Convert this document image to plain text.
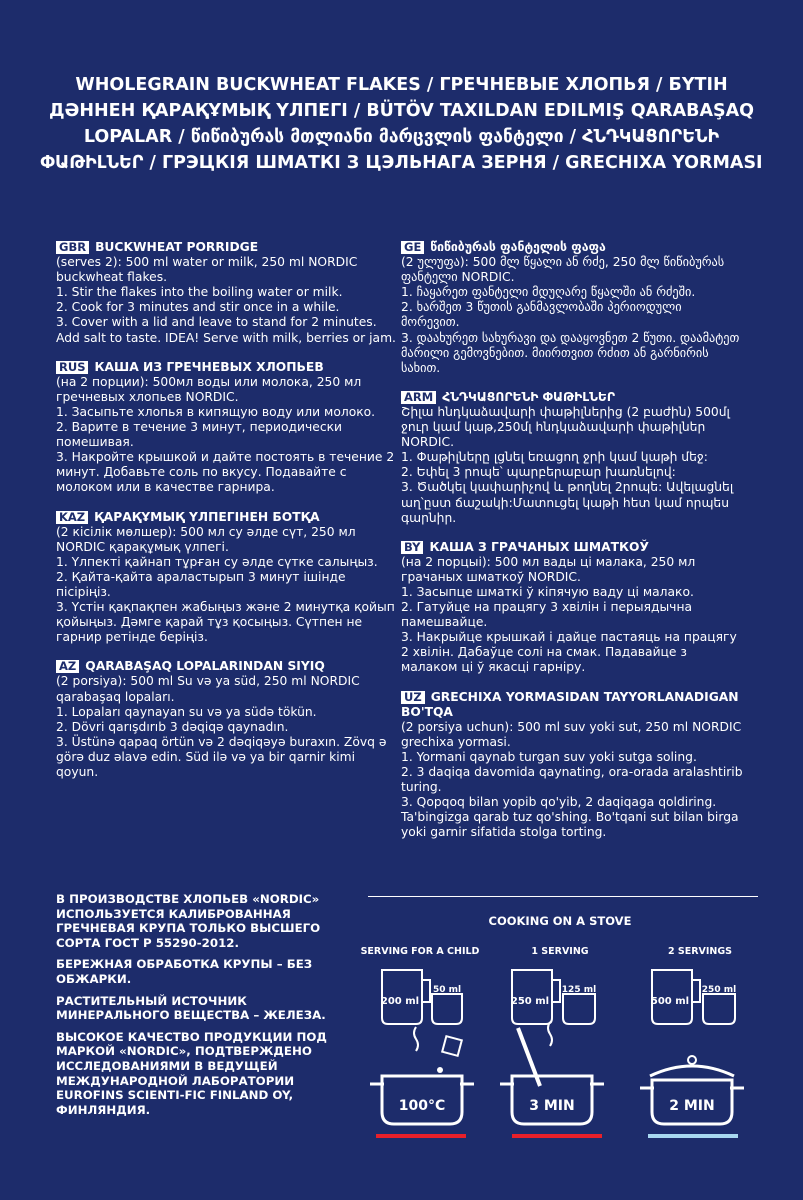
WHOLEGRAIN BUCKWHEAT FLAKES / ГРЕЧНЕВЫЕ ХЛОПЬЯ / БҮТІН ДӘННЕН ҚАРАҚҰМЫҚ ҮЛПЕГІ / BÜTÖV TAXILDAN EDILMIŞ QARABAŞAQ LOPALAR / წიწიბურას მთლიანი მარცვლის ფანტელი / ՀՆԴԿԱՑՈՐԵՆԻ ՓԱԹԻԼՆԵՐ / ГРЭЦКІЯ ШМАТКІ З ЦЭЛЬНАГА ЗЕРНЯ / GRECHIXA YORMASI

GBR BUCKWHEAT PORRIDGE

(serves 2): 500 ml water or milk, 250 ml NORDIC buckwheat flakes.
1. Stir the flakes into the boiling water or milk.
2. Cook for 3 minutes and stir once in a while.
3. Cover with a lid and leave to stand for 2 minutes. Add salt to taste. IDEA! Serve with milk, berries or jam.

RUS КАША ИЗ ГРЕЧНЕВЫХ ХЛОПЬЕВ

(на 2 порции): 500мл воды или молока, 250 мл гречневых хлопьев NORDIC.
1. Засыпьте хлопья в кипящую воду или молоко.
2. Варите в течение 3 минут, периодически помешивая.
3. Накройте крышкой и дайте постоять в течение 2 минут. Добавьте соль по вкусу. Подавайте с молоком или в качестве гарнира.

KAZ ҚАРАҚҰМЫҚ ҮЛПЕГІНЕН БОТҚА

(2 кісілік мөлшер): 500 мл су әлде сүт, 250 мл NORDIC қарақұмық үлпегі.
1. Үлпекті қайнап тұрған су әлде сүтке салыңыз.
2. Қайта-қайта араластырып 3 минут ішінде пісіріңіз.
3. Үстін қақпақпен жабыңыз және 2 минутқа қойып қойыңыз. Дәмге қарай тұз қосыңыз. Сүтпен не гарнир ретінде беріңіз.

AZ QARABAŞAQ LOPALARINDAN SIYIQ

(2 porsiya): 500 ml Su və ya süd, 250 ml NORDIC qarabaşaq lopaları.
1. Lopaları qaynayan su və ya südə tökün.
2. Dövri qarışdırıb 3 dəqiqə qaynadın.
3. Üstünə qapaq örtün və 2 dəqiqəyə buraxın. Zövq ə görə duz əlavə edin. Süd ilə və ya bir qarnir kimi qoyun.

GE წიწიბურას ფანტელის ფაფა

(2 ულუფა): 500 მლ წყალი ან რძე, 250 მლ წიწიბურას ფანტელი NORDIC.
1. ჩაყარეთ ფანტელი მდუღარე წყალში ან რძეში.
2. ხარშეთ 3 წუთის განმავლობაში პერიოდული მორევით.
3. დაახურეთ სახურავი და დააყოვნეთ 2 წუთი. დაამატეთ მარილი გემოვნებით. მიირთვით რძით ან გარნირის სახით.

ARM ՀՆԴԿԱՑՈՐԵՆԻ ՓԱԹԻԼՆԵՐ

Շիլա հնդկաձավարի փաթիլներից (2 բաժին) 500մլ ջուր կամ կաթ,250մլ հնդկաձավարի փաթիլներ NORDIC.
1. Փաթիլները լցնել եռացող ջրի կամ կաթի մեջ:
2. Եփել 3 րոպե՝ պարբերաբար խառնելով:
3. Ծածկել կափարիչով և թողնել 2րոպե: Ավելացնել աղ՝ըստ ճաշակի:Մատուցել կաթի հետ կամ որպես գարնիր.

BY КАША З ГРАЧАНЫХ ШМАТКОЎ

(на 2 порцыі): 500 мл вады ці малака, 250 мл грачаных шматкоў NORDIC.
1. Засыпце шматкі ў кіпячую ваду ці малако.
2. Гатуйце на працягу 3 хвілін і перыядычна памешвайце.
3. Накрыйце крышкай і дайце пастаяць на працягу 2 хвілін. Дабаўце солі на смак. Падавайце з малаком ці ў якасці гарніру.

UZ GRECHIXA YORMASIDAN TAYYORLANADIGAN BO'TQA

(2 porsiya uchun): 500 ml suv yoki sut, 250 ml NORDIC grechixa yormasi.
1. Yormani qaynab turgan suv yoki sutga soling.
2. 3 daqiqa davomida qaynating, ora-orada aralashtirib turing.
3. Qopqoq bilan yopib qo'yib, 2 daqiqaga qoldiring. Ta'bingizga qarab tuz qo'shing. Bo'tqani sut bilan birga yoki garnir sifatida stolga torting.

В ПРОИЗВОДСТВЕ ХЛОПЬЕВ «NORDIC» ИСПОЛЬЗУЕТСЯ КАЛИБРОВАННАЯ ГРЕЧНЕВАЯ КРУПА ТОЛЬКО ВЫСШЕГО СОРТА ГОСТ Р 55290-2012.

БЕРЕЖНАЯ ОБРАБОТКА КРУПЫ – БЕЗ ОБЖАРКИ.

РАСТИТЕЛЬНЫЙ ИСТОЧНИК МИНЕРАЛЬНОГО ВЕЩЕСТВА – ЖЕЛЕЗА.

ВЫСОКОЕ КАЧЕСТВО ПРОДУКЦИИ ПОД МАРКОЙ «NORDIC», ПОДТВЕРЖДЕНО ИССЛЕДОВАНИЯМИ В ВЕДУЩЕЙ МЕЖДУНАРОДНОЙ ЛАБОРАТОРИИ EUROFINS SCIENTI-FIC FINLAND OY, ФИНЛЯНДИЯ.

COOKING ON A STOVE
SERVING FOR A CHILD	1 SERVING	2 SERVINGS
200 ml
50 ml
250 ml
125 ml
500 ml
250 ml
100°C	3 MIN	2 MIN
